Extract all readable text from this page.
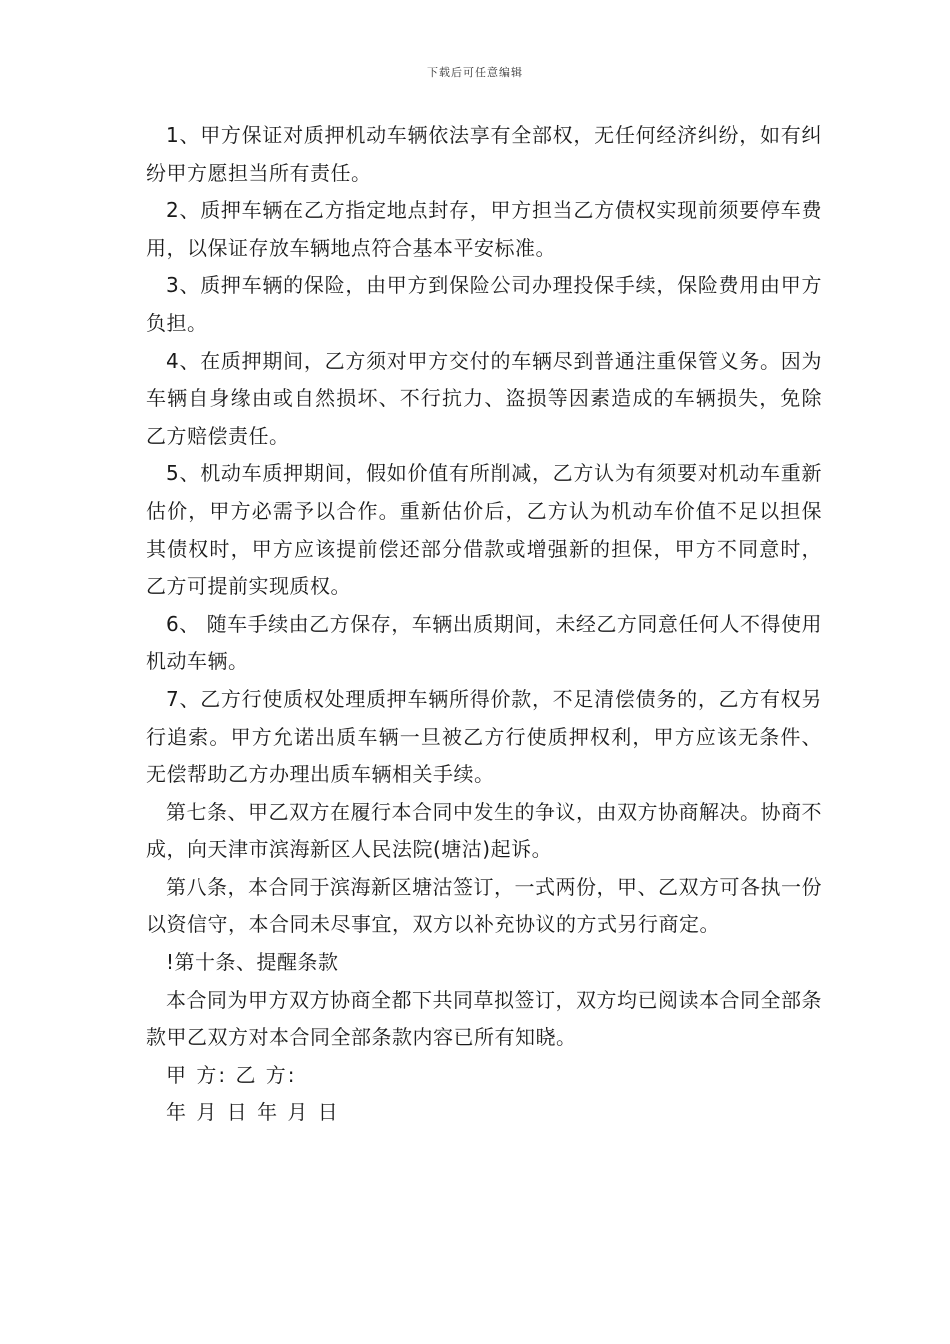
下载后可任意编辑

1、甲方保证对质押机动车辆依法享有全部权，无任何经济纠纷，如有纠纷甲方愿担当所有责任。

2、质押车辆在乙方指定地点封存，甲方担当乙方债权实现前须要停车费用，以保证存放车辆地点符合基本平安标准。

3、质押车辆的保险，由甲方到保险公司办理投保手续，保险费用由甲方负担。

4、在质押期间，乙方须对甲方交付的车辆尽到普通注重保管义务。因为车辆自身缘由或自然损坏、不行抗力、盗损等因素造成的车辆损失，免除乙方赔偿责任。

5、机动车质押期间，假如价值有所削减，乙方认为有须要对机动车重新估价，甲方必需予以合作。重新估价后，乙方认为机动车价值不足以担保其债权时，甲方应该提前偿还部分借款或增强新的担保，甲方不同意时，乙方可提前实现质权。

6、 随车手续由乙方保存，车辆出质期间，未经乙方同意任何人不得使用机动车辆。

7、乙方行使质权处理质押车辆所得价款，不足清偿债务的，乙方有权另行追索。甲方允诺出质车辆一旦被乙方行使质押权利，甲方应该无条件、无偿帮助乙方办理出质车辆相关手续。

第七条、甲乙双方在履行本合同中发生的争议，由双方协商解决。协商不成，向天津市滨海新区人民法院(塘沽)起诉。

第八条，本合同于滨海新区塘沽签订，一式两份，甲、乙双方可各执一份以资信守，本合同未尽事宜，双方以补充协议的方式另行商定。

!第十条、提醒条款

本合同为甲方双方协商全都下共同草拟签订，双方均已阅读本合同全部条款甲乙双方对本合同全部条款内容已所有知晓。

甲 方: 乙 方:

年 月 日 年 月 日
